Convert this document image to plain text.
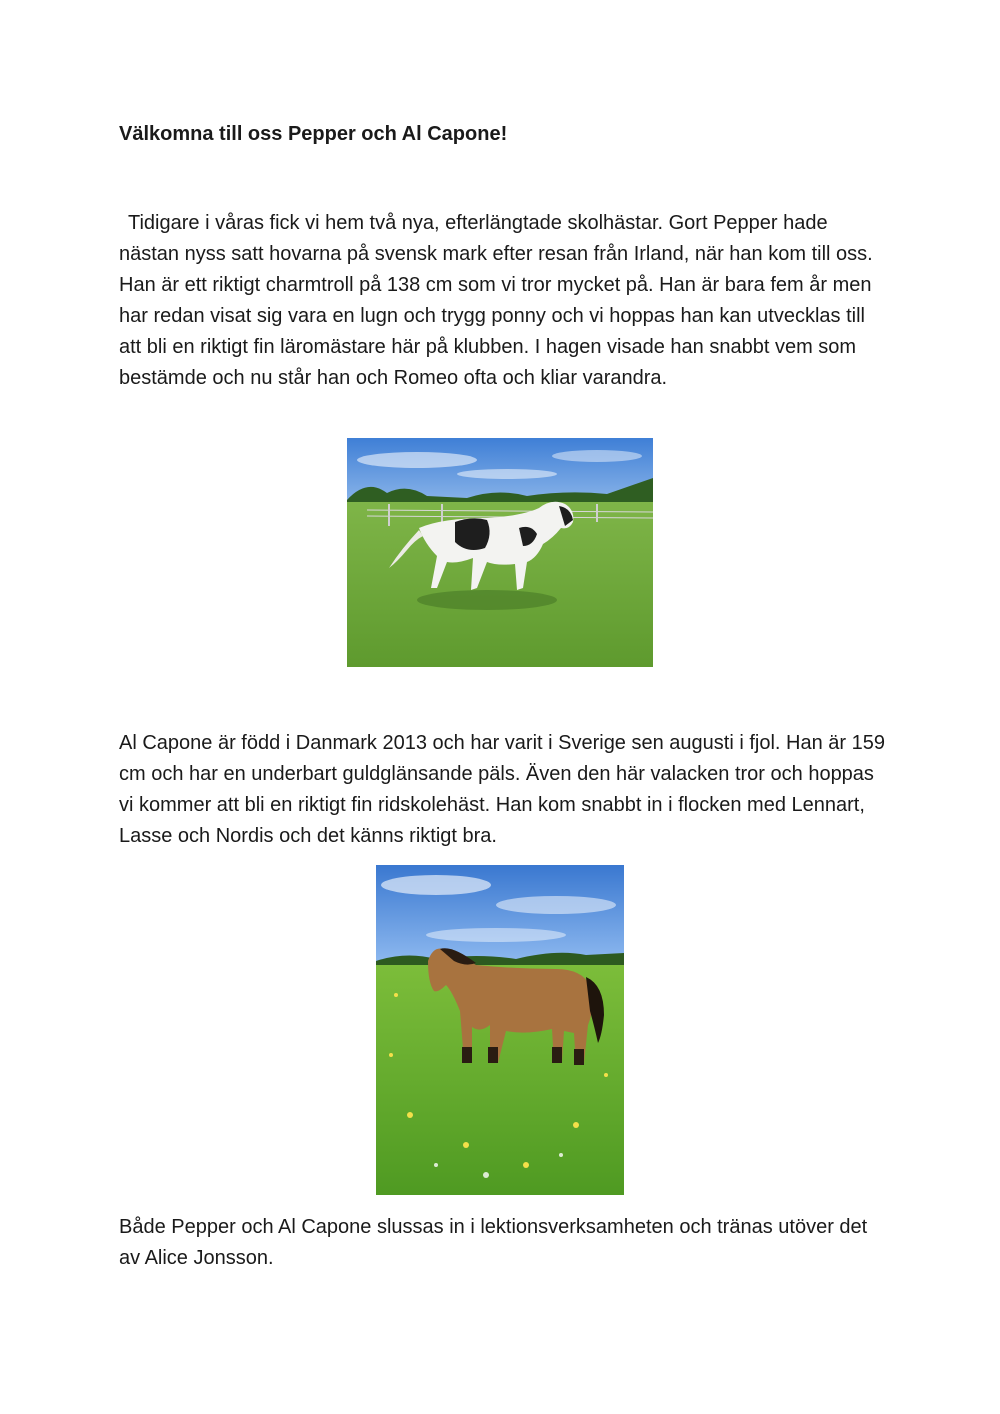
Välkomna till oss Pepper och Al Capone!

Tidigare i våras fick vi hem två nya, efterlängtade skolhästar. Gort Pepper hade nästan nyss satt hovarna på svensk mark efter resan från Irland, när han kom till oss. Han är ett riktigt charmtroll på 138 cm som vi tror mycket på. Han är bara fem år men har redan visat sig vara en lugn och trygg ponny och vi hoppas han kan utvecklas till att bli en riktigt fin läromästare här på klubben. I hagen visade han snabbt vem som bestämde och nu står han och Romeo ofta och kliar varandra.

Al Capone är född i Danmark 2013 och har varit i Sverige sen augusti i fjol. Han är 159 cm och har en underbart guldglänsande päls. Även den här valacken tror och hoppas vi kommer att bli en riktigt fin ridskolehäst. Han kom snabbt in i flocken med Lennart, Lasse och Nordis och det känns riktigt bra.

Både Pepper och Al Capone slussas in i lektionsverksamheten och tränas utöver det av Alice Jonsson.
